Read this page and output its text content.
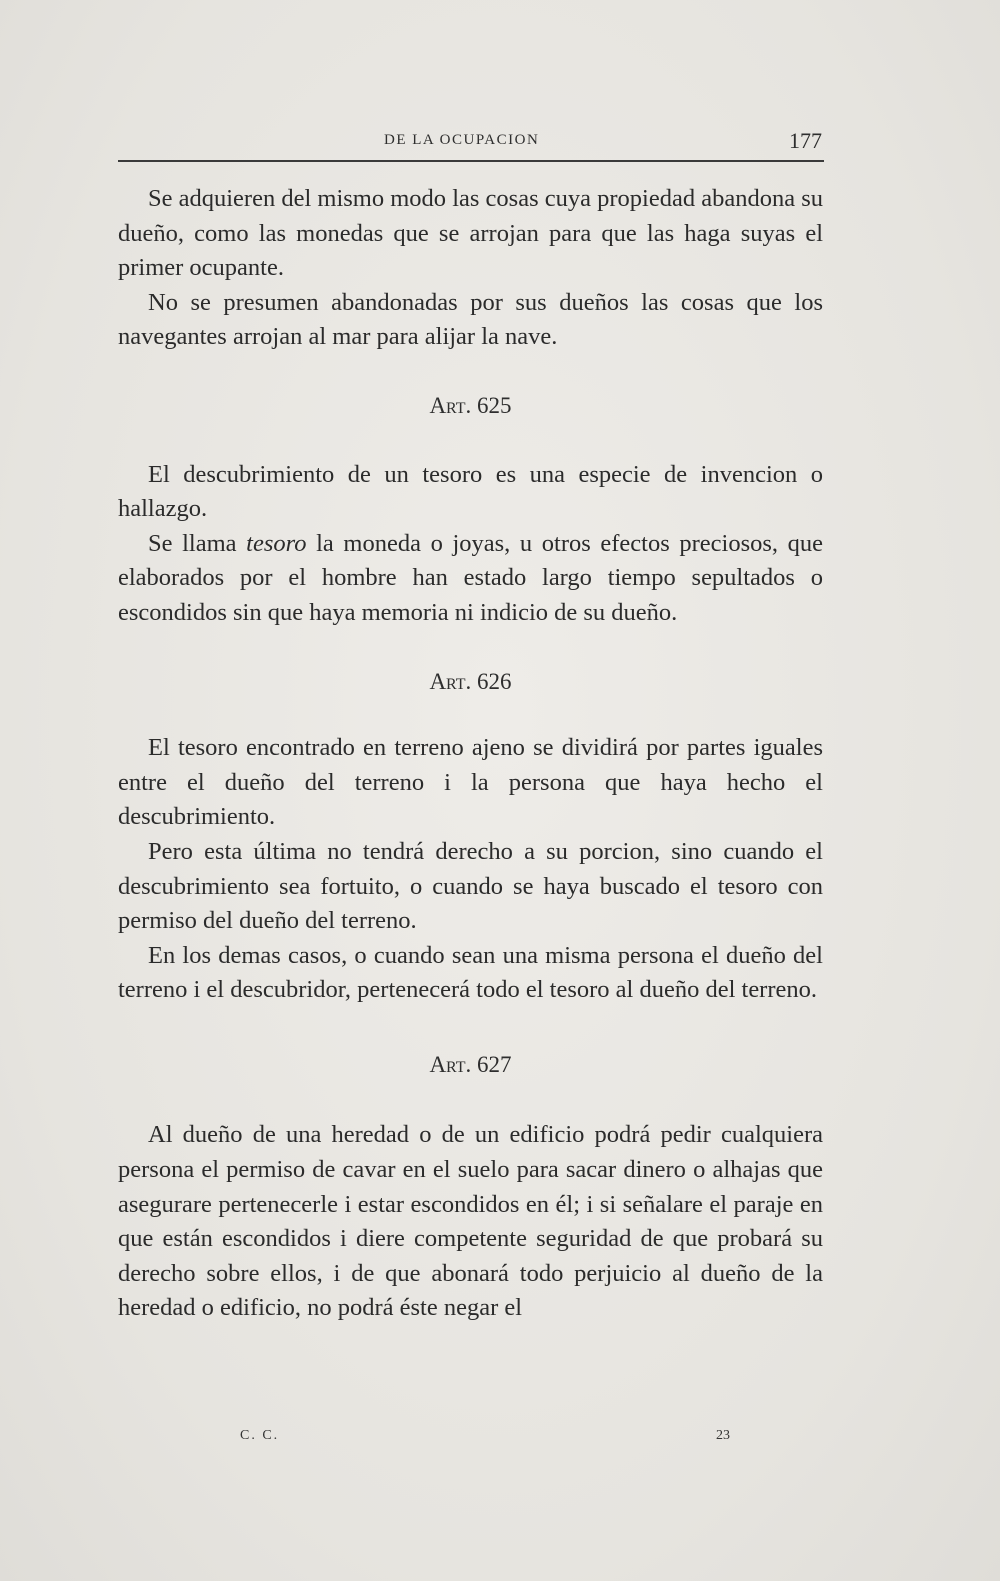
DE LA OCUPACION	177

Se adquieren del mismo modo las cosas cuya propiedad abandona su dueño, como las monedas que se arrojan para que las haga suyas el primer ocupante.

No se presumen abandonadas por sus dueños las cosas que los navegantes arrojan al mar para alijar la nave.

Art. 625

El descubrimiento de un tesoro es una especie de invencion o hallazgo.

Se llama tesoro la moneda o joyas, u otros efectos preciosos, que elaborados por el hombre han estado largo tiempo sepultados o escondidos sin que haya memoria ni indicio de su dueño.

Art. 626

El tesoro encontrado en terreno ajeno se dividirá por partes iguales entre el dueño del terreno i la persona que haya hecho el descubrimiento.

Pero esta última no tendrá derecho a su porcion, sino cuando el descubrimiento sea fortuito, o cuando se haya buscado el tesoro con permiso del dueño del terreno.

En los demas casos, o cuando sean una misma persona el dueño del terreno i el descubridor, pertenecerá todo el tesoro al dueño del terreno.

Art. 627

Al dueño de una heredad o de un edificio podrá pedir cualquiera persona el permiso de cavar en el suelo para sacar dinero o alhajas que asegurare pertenecerle i estar escondidos en él; i si señalare el paraje en que están escondidos i diere competente seguridad de que probará su derecho sobre ellos, i de que abonará todo perjuicio al dueño de la heredad o edificio, no podrá éste negar el

C. C.	23
